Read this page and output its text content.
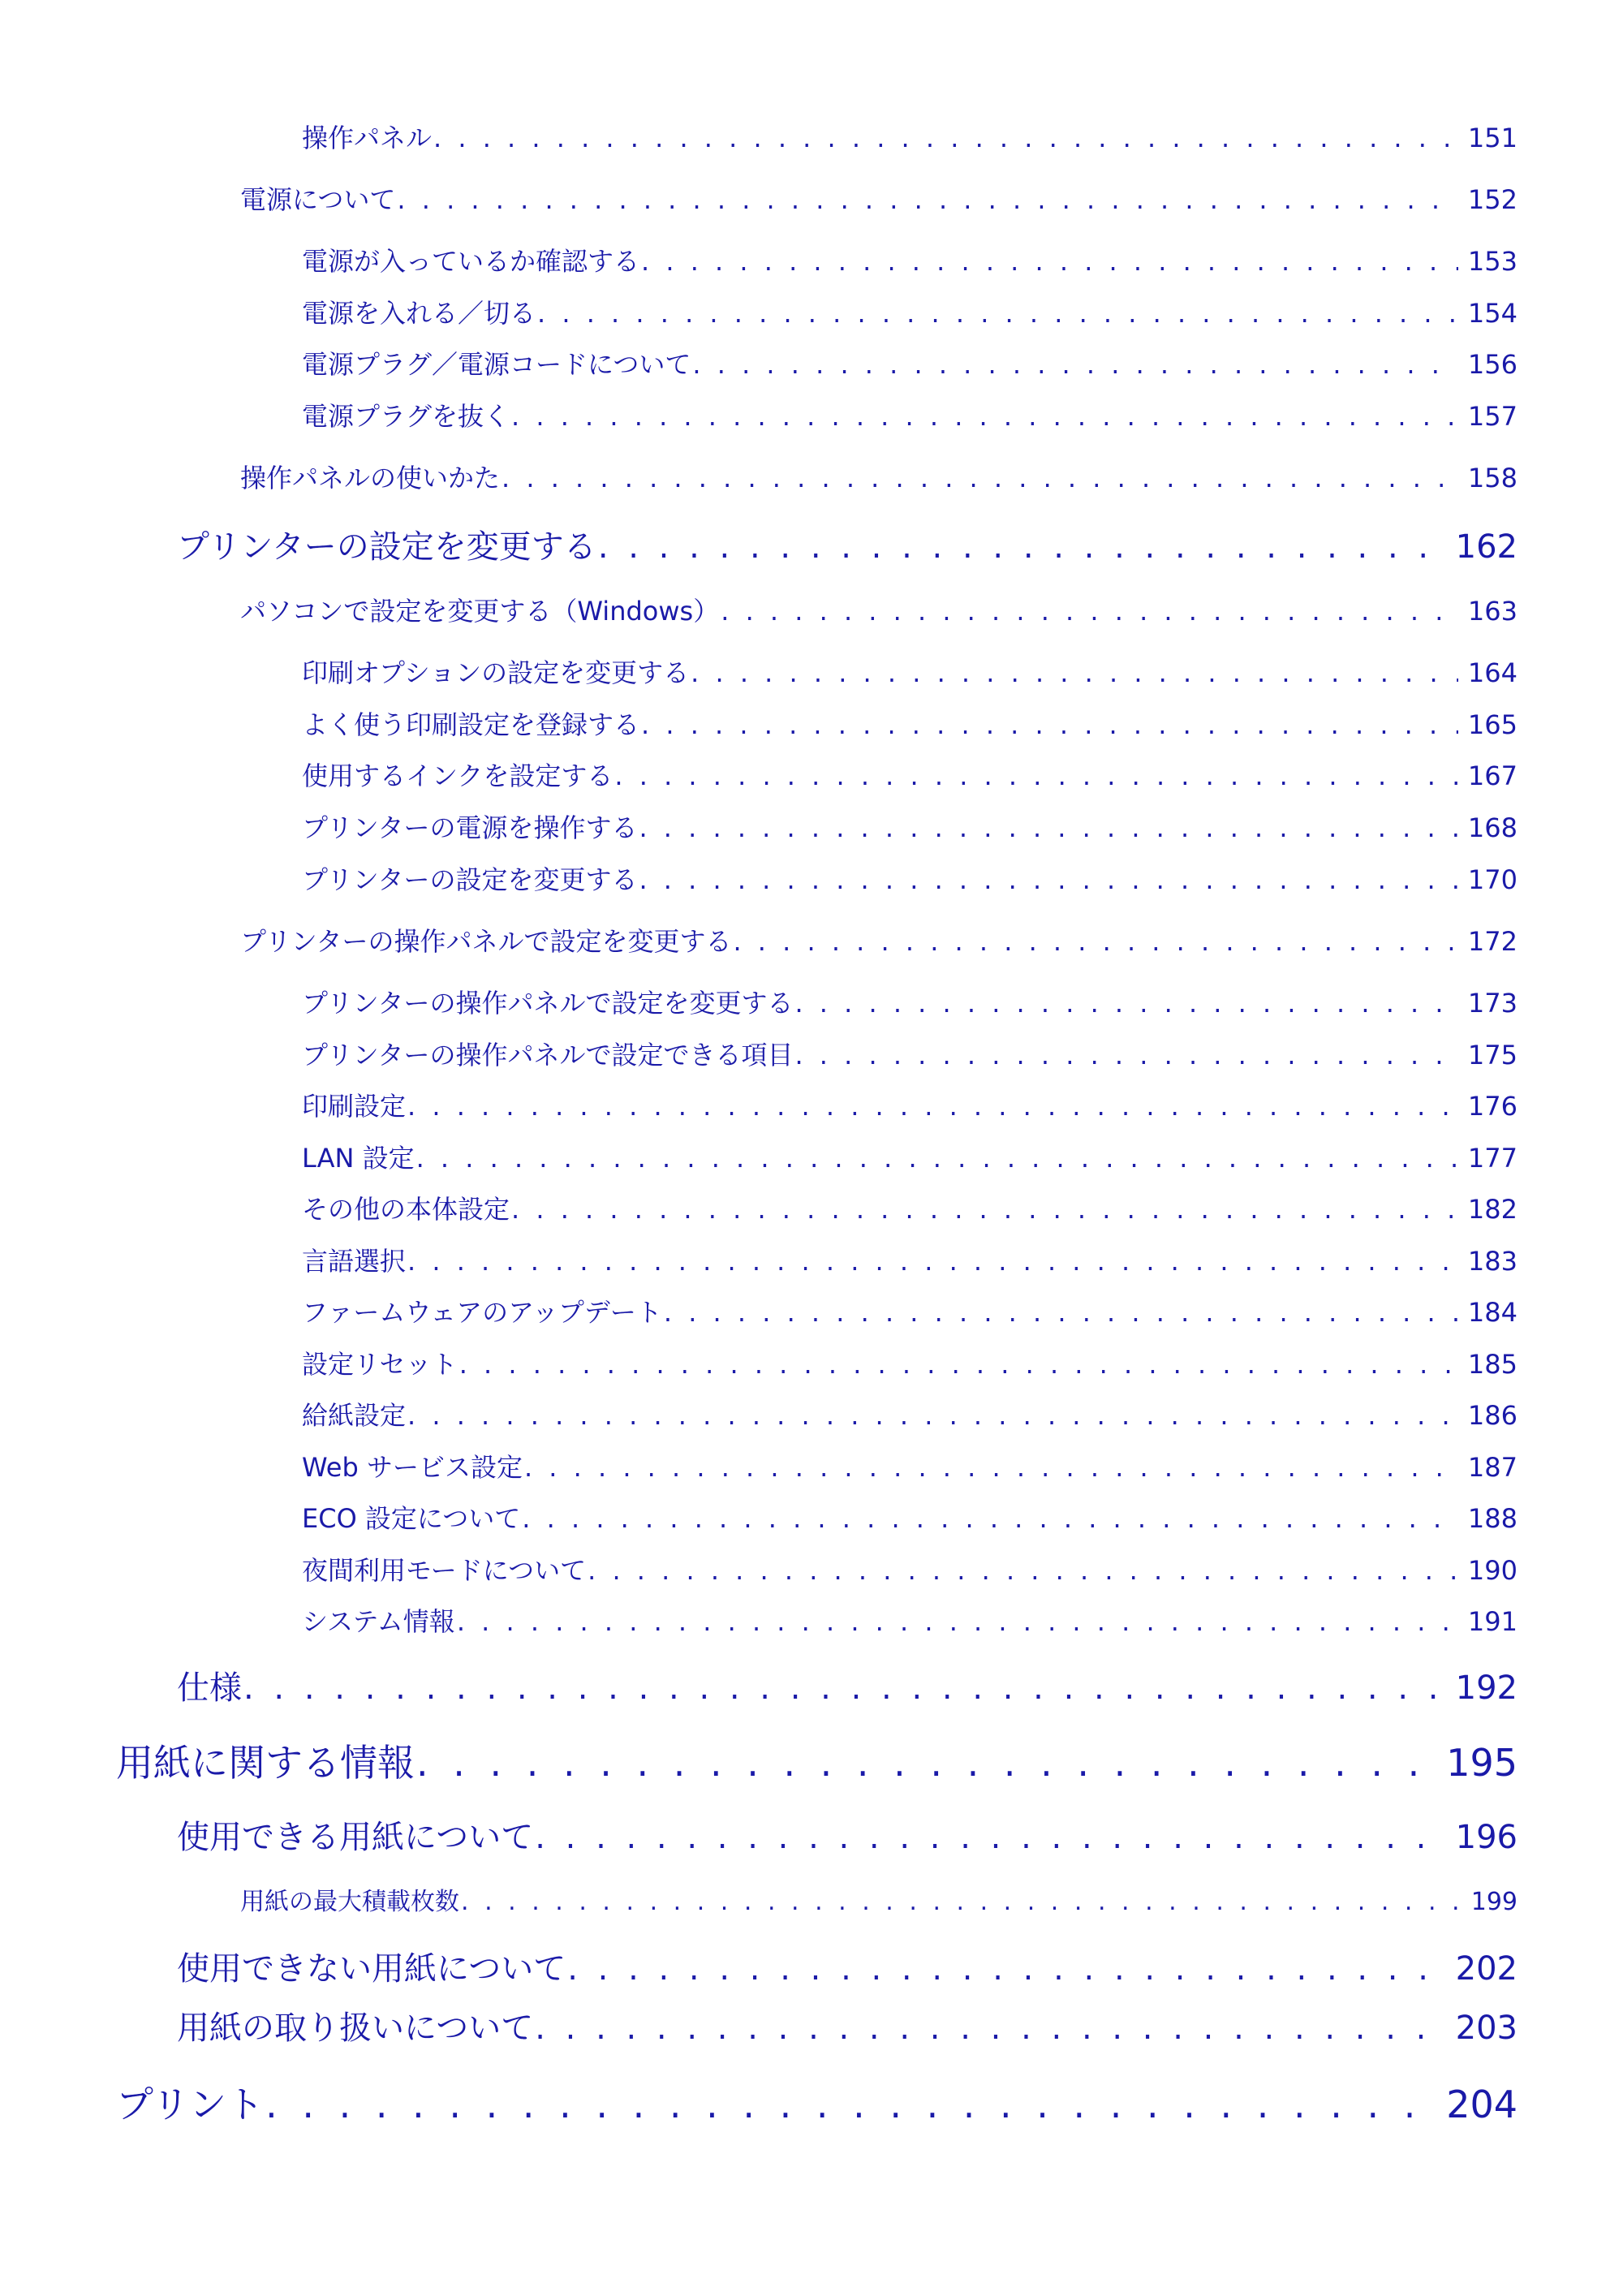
操作パネル . . .	151
電源について . . .	152
電源が入っているか確認する . . .	153
電源を入れる／切る . . .	154
電源プラグ／電源コードについて . . .	156
電源プラグを抜く . . .	157
操作パネルの使いかた . . .	158
プリンターの設定を変更する . . .	162
パソコンで設定を変更する（Windows） . . .	163
印刷オプションの設定を変更する . . .	164
よく使う印刷設定を登録する . . .	165
使用するインクを設定する . . .	167
プリンターの電源を操作する . . .	168
プリンターの設定を変更する . . .	170
プリンターの操作パネルで設定を変更する . . .	172
プリンターの操作パネルで設定を変更する . . .	173
プリンターの操作パネルで設定できる項目 . . .	175
印刷設定 . . .	176
LAN 設定 . . .	177
その他の本体設定 . . .	182
言語選択 . . .	183
ファームウェアのアップデート . . .	184
設定リセット . . .	185
給紙設定 . . .	186
Web サービス設定 . . .	187
ECO 設定について . . .	188
夜間利用モードについて . . .	190
システム情報 . . .	191
仕様 . . .	192
用紙に関する情報 . . .	195
使用できる用紙について . . .	196
用紙の最大積載枚数 . . .	199
使用できない用紙について . . .	202
用紙の取り扱いについて . . .	203
プリント . . .	204
